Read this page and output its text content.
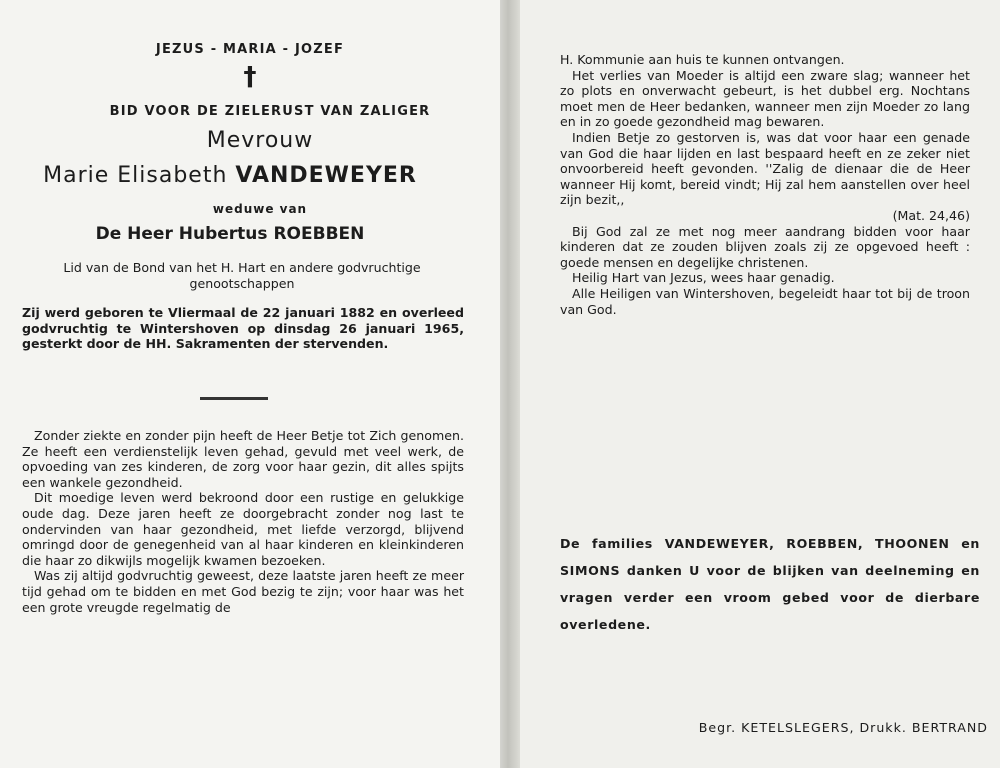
JEZUS - MARIA - JOZEF
†
BID VOOR DE ZIELERUST VAN ZALIGER
Mevrouw
Marie Elisabeth VANDEWEYER
weduwe van
De Heer Hubertus ROEBBEN
Lid van de Bond van het H. Hart en andere godvruchtige genootschappen
Zij werd geboren te Vliermaal de 22 januari 1882 en overleed godvruchtig te Wintershoven op dinsdag 26 januari 1965, gesterkt door de HH. Sakramenten der stervenden.

Zonder ziekte en zonder pijn heeft de Heer Betje tot Zich genomen. Ze heeft een verdienstelijk leven gehad, gevuld met veel werk, de opvoeding van zes kinderen, de zorg voor haar gezin, dit alles spijts een wankele gezondheid.

Dit moedige leven werd bekroond door een rustige en gelukkige oude dag. Deze jaren heeft ze doorgebracht zonder nog last te ondervinden van haar gezondheid, met liefde verzorgd, blijvend omringd door de genegenheid van al haar kinderen en kleinkinderen die haar zo dikwijls mogelijk kwamen bezoeken.

Was zij altijd godvruchtig geweest, deze laatste jaren heeft ze meer tijd gehad om te bidden en met God bezig te zijn; voor haar was het een grote vreugde regelmatig de

H. Kommunie aan huis te kunnen ontvangen.

Het verlies van Moeder is altijd een zware slag; wanneer het zo plots en onverwacht gebeurt, is het dubbel erg. Nochtans moet men de Heer bedanken, wanneer men zijn Moeder zo lang en in zo goede gezondheid mag bewaren.

Indien Betje zo gestorven is, was dat voor haar een genade van God die haar lijden en last bespaard heeft en ze zeker niet onvoorbereid heeft gevonden. ''Zalig de dienaar die de Heer wanneer Hij komt, bereid vindt; Hij zal hem aanstellen over heel zijn bezit,,

(Mat. 24,46)

Bij God zal ze met nog meer aandrang bidden voor haar kinderen dat ze zouden blijven zoals zij ze opgevoed heeft : goede mensen en degelijke christenen.

Heilig Hart van Jezus, wees haar genadig.

Alle Heiligen van Wintershoven, begeleidt haar tot bij de troon van God.

De families VANDEWEYER, ROEBBEN, THOONEN en SIMONS danken U voor de blijken van deelneming en vragen verder een vroom gebed voor de dierbare overledene.

Begr. KETELSLEGERS, Drukk. BERTRAND
